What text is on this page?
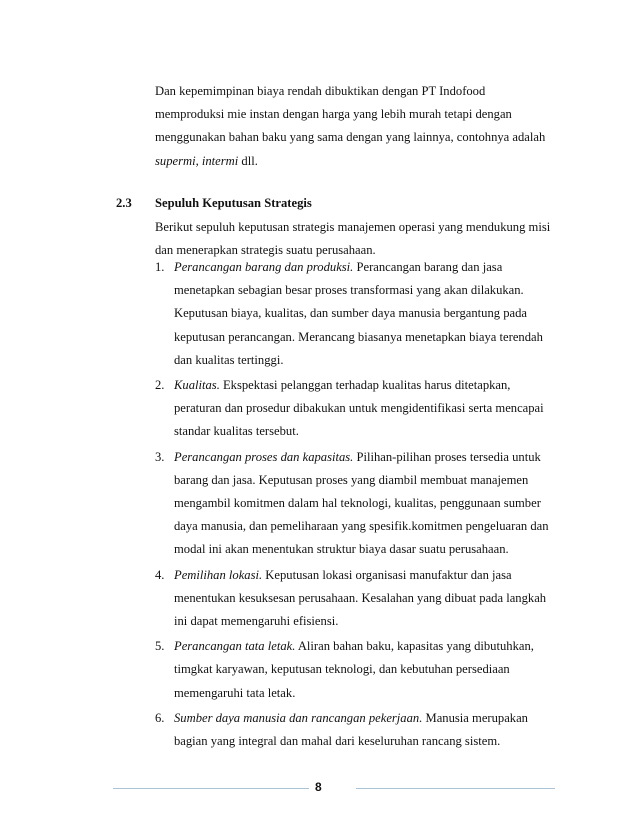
Dan kepemimpinan biaya rendah dibuktikan dengan PT Indofood
memproduksi mie instan dengan harga yang lebih murah tetapi dengan
menggunakan bahan baku yang sama dengan yang lainnya, contohnya adalah
supermi, intermi dll.
2.3 Sepuluh Keputusan Strategis
Berikut sepuluh keputusan strategis manajemen operasi yang mendukung misi
dan menerapkan strategis suatu perusahaan.
1. Perancangan barang dan produksi. Perancangan barang dan jasa
menetapkan sebagian besar proses transformasi yang akan dilakukan.
Keputusan biaya, kualitas, dan sumber daya manusia bergantung pada
keputusan perancangan. Merancang biasanya menetapkan biaya terendah
dan kualitas tertinggi.
2. Kualitas. Ekspektasi pelanggan terhadap kualitas harus ditetapkan,
peraturan dan prosedur dibakukan untuk mengidentifikasi serta mencapai
standar kualitas tersebut.
3. Perancangan proses dan kapasitas. Pilihan-pilihan proses tersedia untuk
barang dan jasa. Keputusan proses yang diambil membuat manajemen
mengambil komitmen dalam hal teknologi, kualitas, penggunaan sumber
daya manusia, dan pemeliharaan yang spesifik.komitmen pengeluaran dan
modal ini akan menentukan struktur biaya dasar suatu perusahaan.
4. Pemilihan lokasi. Keputusan lokasi organisasi manufaktur dan jasa
menentukan kesuksesan perusahaan. Kesalahan yang dibuat pada langkah
ini dapat memengaruhi efisiensi.
5. Perancangan tata letak. Aliran bahan baku, kapasitas yang dibutuhkan,
timgkat karyawan, keputusan teknologi, dan kebutuhan persediaan
memengaruhi tata letak.
6. Sumber daya manusia dan rancangan pekerjaan. Manusia merupakan
bagian yang integral dan mahal dari keseluruhan rancang sistem.
8
